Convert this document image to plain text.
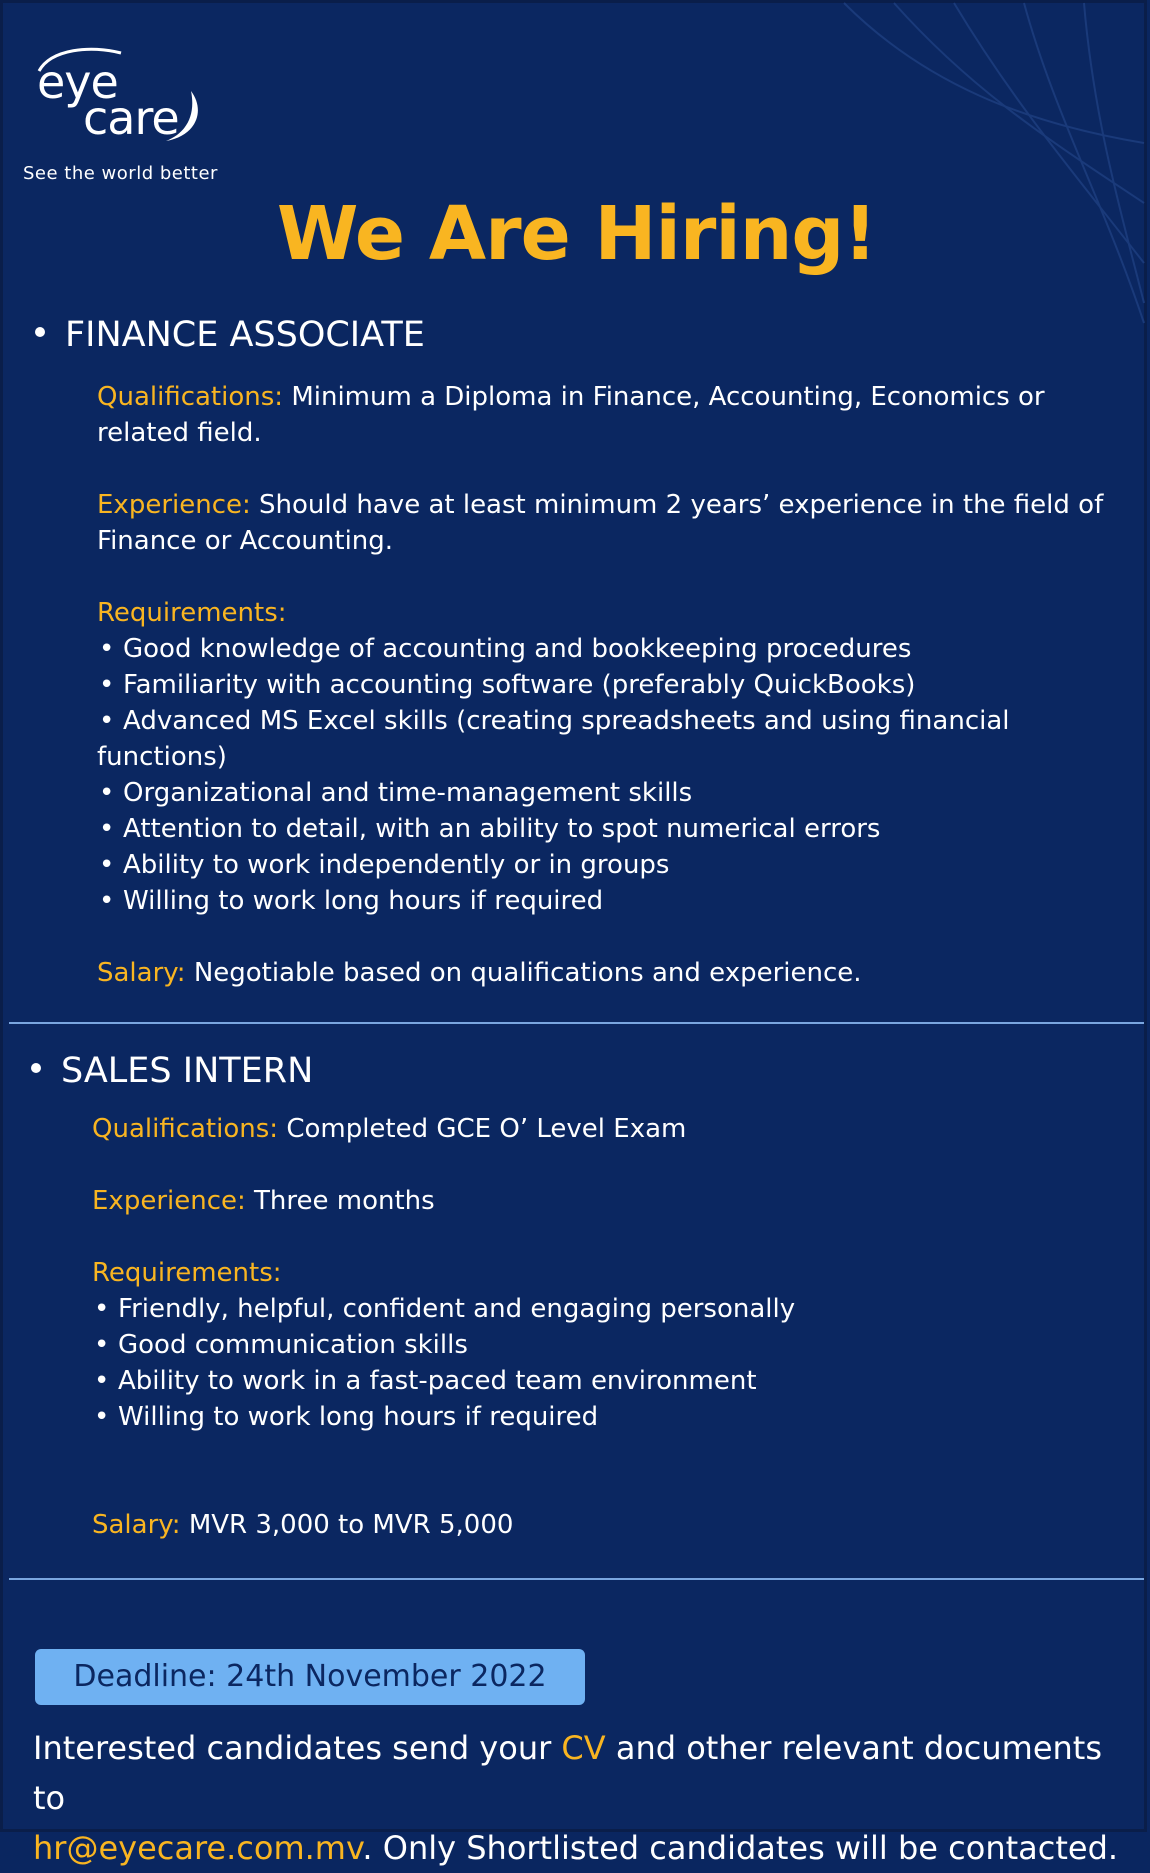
eye
care
See the world better
We Are Hiring!
FINANCE ASSOCIATE

Qualifications: Minimum a Diploma in Finance, Accounting, Economics or
related field.

Experience: Should have at least minimum 2 years’ experience in the field of
Finance or Accounting.

Requirements:

• Good knowledge of accounting and bookkeeping procedures
• Familiarity with accounting software (preferably QuickBooks)
• Advanced MS Excel skills (creating spreadsheets and using financial

functions)

• Organizational and time-management skills
• Attention to detail, with an ability to spot numerical errors
• Ability to work independently or in groups
• Willing to work long hours if required

Salary: Negotiable based on qualifications and experience.

SALES INTERN

Qualifications: Completed GCE O’ Level Exam

Experience: Three months

Requirements:

• Friendly, helpful, confident and engaging personally
• Good communication skills
• Ability to work in a fast-paced team environment
• Willing to work long hours if required

Salary: MVR 3,000 to MVR 5,000

Deadline: 24th November 2022
Interested candidates send your CV and other relevant documents to
hr@eyecare.com.mv. Only Shortlisted candidates will be contacted.
